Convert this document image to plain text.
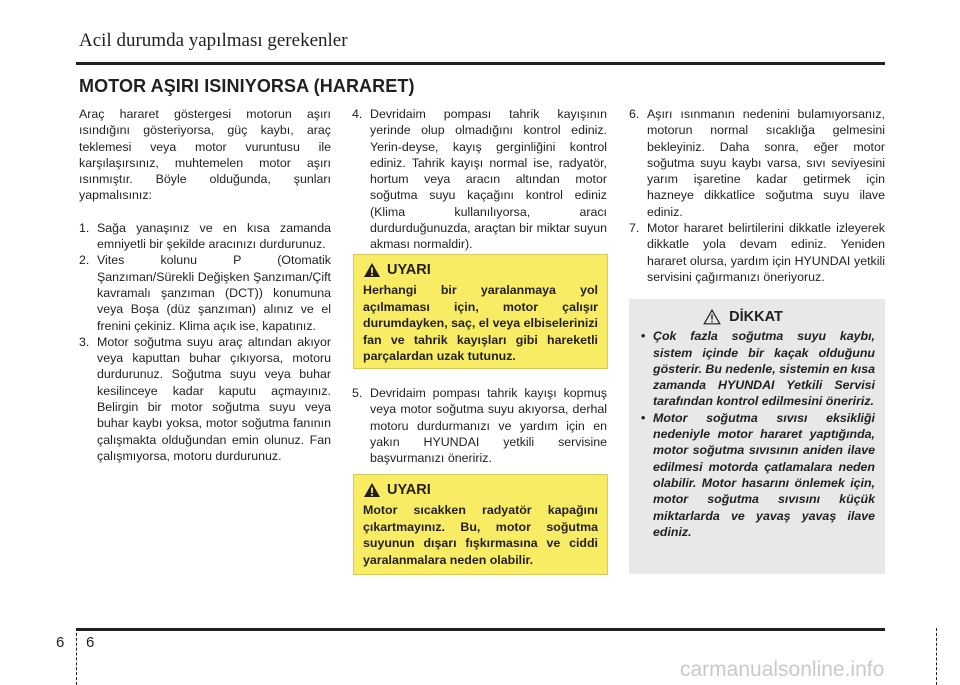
Acil durumda yapılması gerekenler
MOTOR AŞIRI ISINIYORSA (HARARET)

Araç hararet göstergesi motorun aşırı ısındığını gösteriyorsa, güç kaybı, araç teklemesi veya motor vuruntusu ile karşılaşırsınız, muhtemelen motor aşırı ısınmıştır. Böyle olduğunda, şunları yapmalısınız:

1. Sağa yanaşınız ve en kısa zamanda emniyetli bir şekilde aracınızı durdurunuz.
2. Vites kolunu P (Otomatik Şanzıman/Sürekli Değişken Şanzıman/Çift kavramalı şanzıman (DCT)) konumuna veya Boşa (düz şanzıman) alınız ve el frenini çekiniz. Klima açık ise, kapatınız.
3. Motor soğutma suyu araç altından akıyor veya kaputtan buhar çıkıyorsa, motoru durdurunuz. Soğutma suyu veya buhar kesilinceye kadar kaputu açmayınız. Belirgin bir motor soğutma suyu veya buhar kaybı yoksa, motor soğutma fanının çalışmakta olduğundan emin olunuz. Fan çalışmıyorsa, motoru durdurunuz.
4. Devridaim pompası tahrik kayışının yerinde olup olmadığını kontrol ediniz. Yerin-deyse, kayış gerginliğini kontrol ediniz. Tahrik kayışı normal ise, radyatör, hortum veya aracın altından motor soğutma suyu kaçağını kontrol ediniz (Klima kullanılıyorsa, aracı durdurduğunuzda, araçtan bir miktar suyun akması normaldir).
UYARI

Herhangi bir yaralanmaya yol açılmaması için, motor çalışır durumdayken, saç, el veya elbiselerinizi fan ve tahrik kayışları gibi hareketli parçalardan uzak tutunuz.

5. Devridaim pompası tahrik kayışı kopmuş veya motor soğutma suyu akıyorsa, derhal motoru durdurmanızı ve yardım için en yakın HYUNDAI yetkili servisine başvurmanızı öneririz.
UYARI

Motor sıcakken radyatör kapağını çıkartmayınız. Bu, motor soğutma suyunun dışarı fışkırmasına ve ciddi yaralanmalara neden olabilir.

6. Aşırı ısınmanın nedenini bulamıyorsanız, motorun normal sıcaklığa gelmesini bekleyiniz. Daha sonra, eğer motor soğutma suyu kaybı varsa, sıvı seviyesini yarım işaretine kadar getirmek için hazneye dikkatlice soğutma suyu ilave ediniz.
7. Motor hararet belirtilerini dikkatle izleyerek dikkatle yola devam ediniz. Yeniden hararet olursa, yardım için HYUNDAI yetkili servisini çağırmanızı öneriyoruz.
DİKKAT
• Çok fazla soğutma suyu kaybı, sistem içinde bir kaçak olduğunu gösterir. Bu nedenle, sistemin en kısa zamanda HYUNDAI Yetkili Servisi tarafından kontrol edilmesini öneririz.
• Motor soğutma sıvısı eksikliği nedeniyle motor hararet yaptığında, motor soğutma sıvısının aniden ilave edilmesi motorda çatlamalara neden olabilir. Motor hasarını önlemek için, motor soğutma sıvısını küçük miktarlarda ve yavaş yavaş ilave ediniz.
6 6
carmanualsonline.info
